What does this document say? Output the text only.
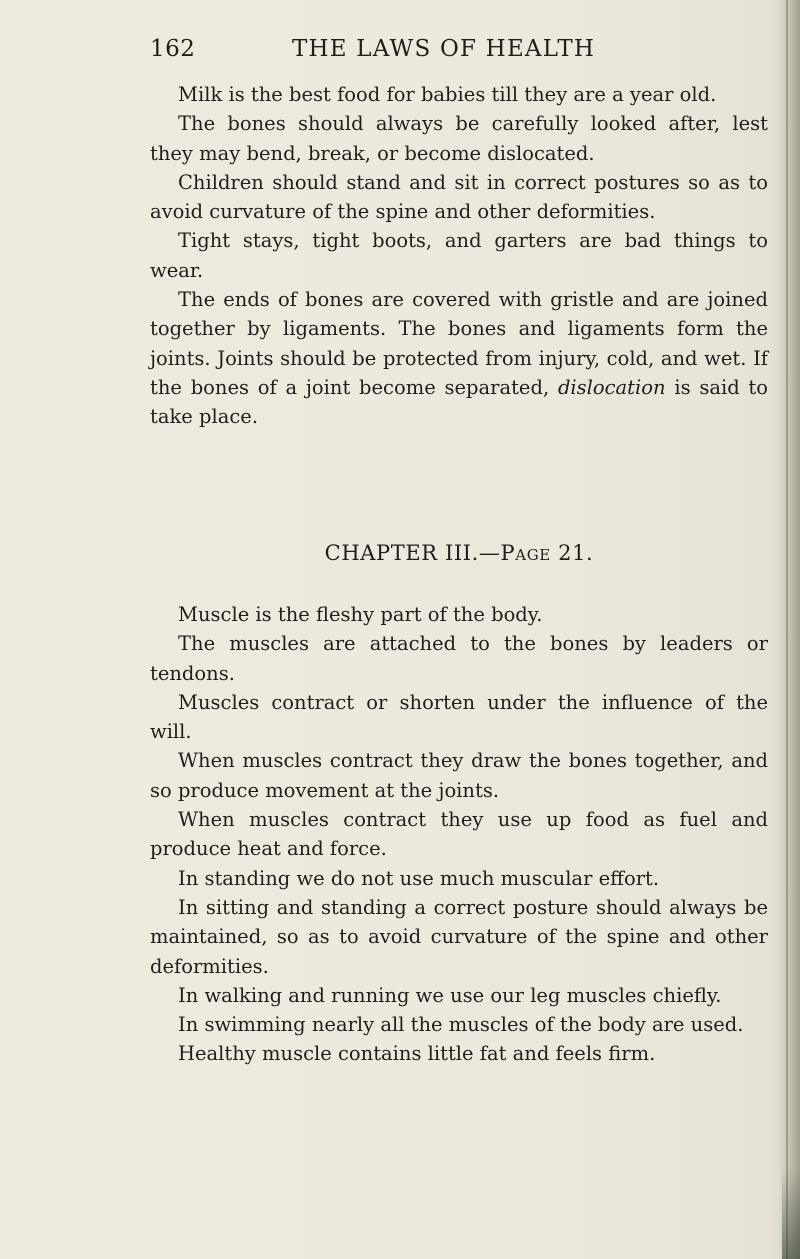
162	THE LAWS OF HEALTH

Milk is the best food for babies till they are a year old.

The bones should always be carefully looked after, lest they may bend, break, or become dislocated.

Children should stand and sit in correct postures so as to avoid curvature of the spine and other deformities.

Tight stays, tight boots, and garters are bad things to wear.

The ends of bones are covered with gristle and are joined together by ligaments. The bones and ligaments form the joints. Joints should be protected from injury, cold, and wet. If the bones of a joint become separated, dislocation is said to take place.

CHAPTER III.—Page 21.

Muscle is the fleshy part of the body.

The muscles are attached to the bones by leaders or tendons.

Muscles contract or shorten under the influence of the will.

When muscles contract they draw the bones together, and so produce movement at the joints.

When muscles contract they use up food as fuel and produce heat and force.

In standing we do not use much muscular effort.

In sitting and standing a correct posture should always be maintained, so as to avoid curvature of the spine and other deformities.

In walking and running we use our leg muscles chiefly.

In swimming nearly all the muscles of the body are used.

Healthy muscle contains little fat and feels firm.
